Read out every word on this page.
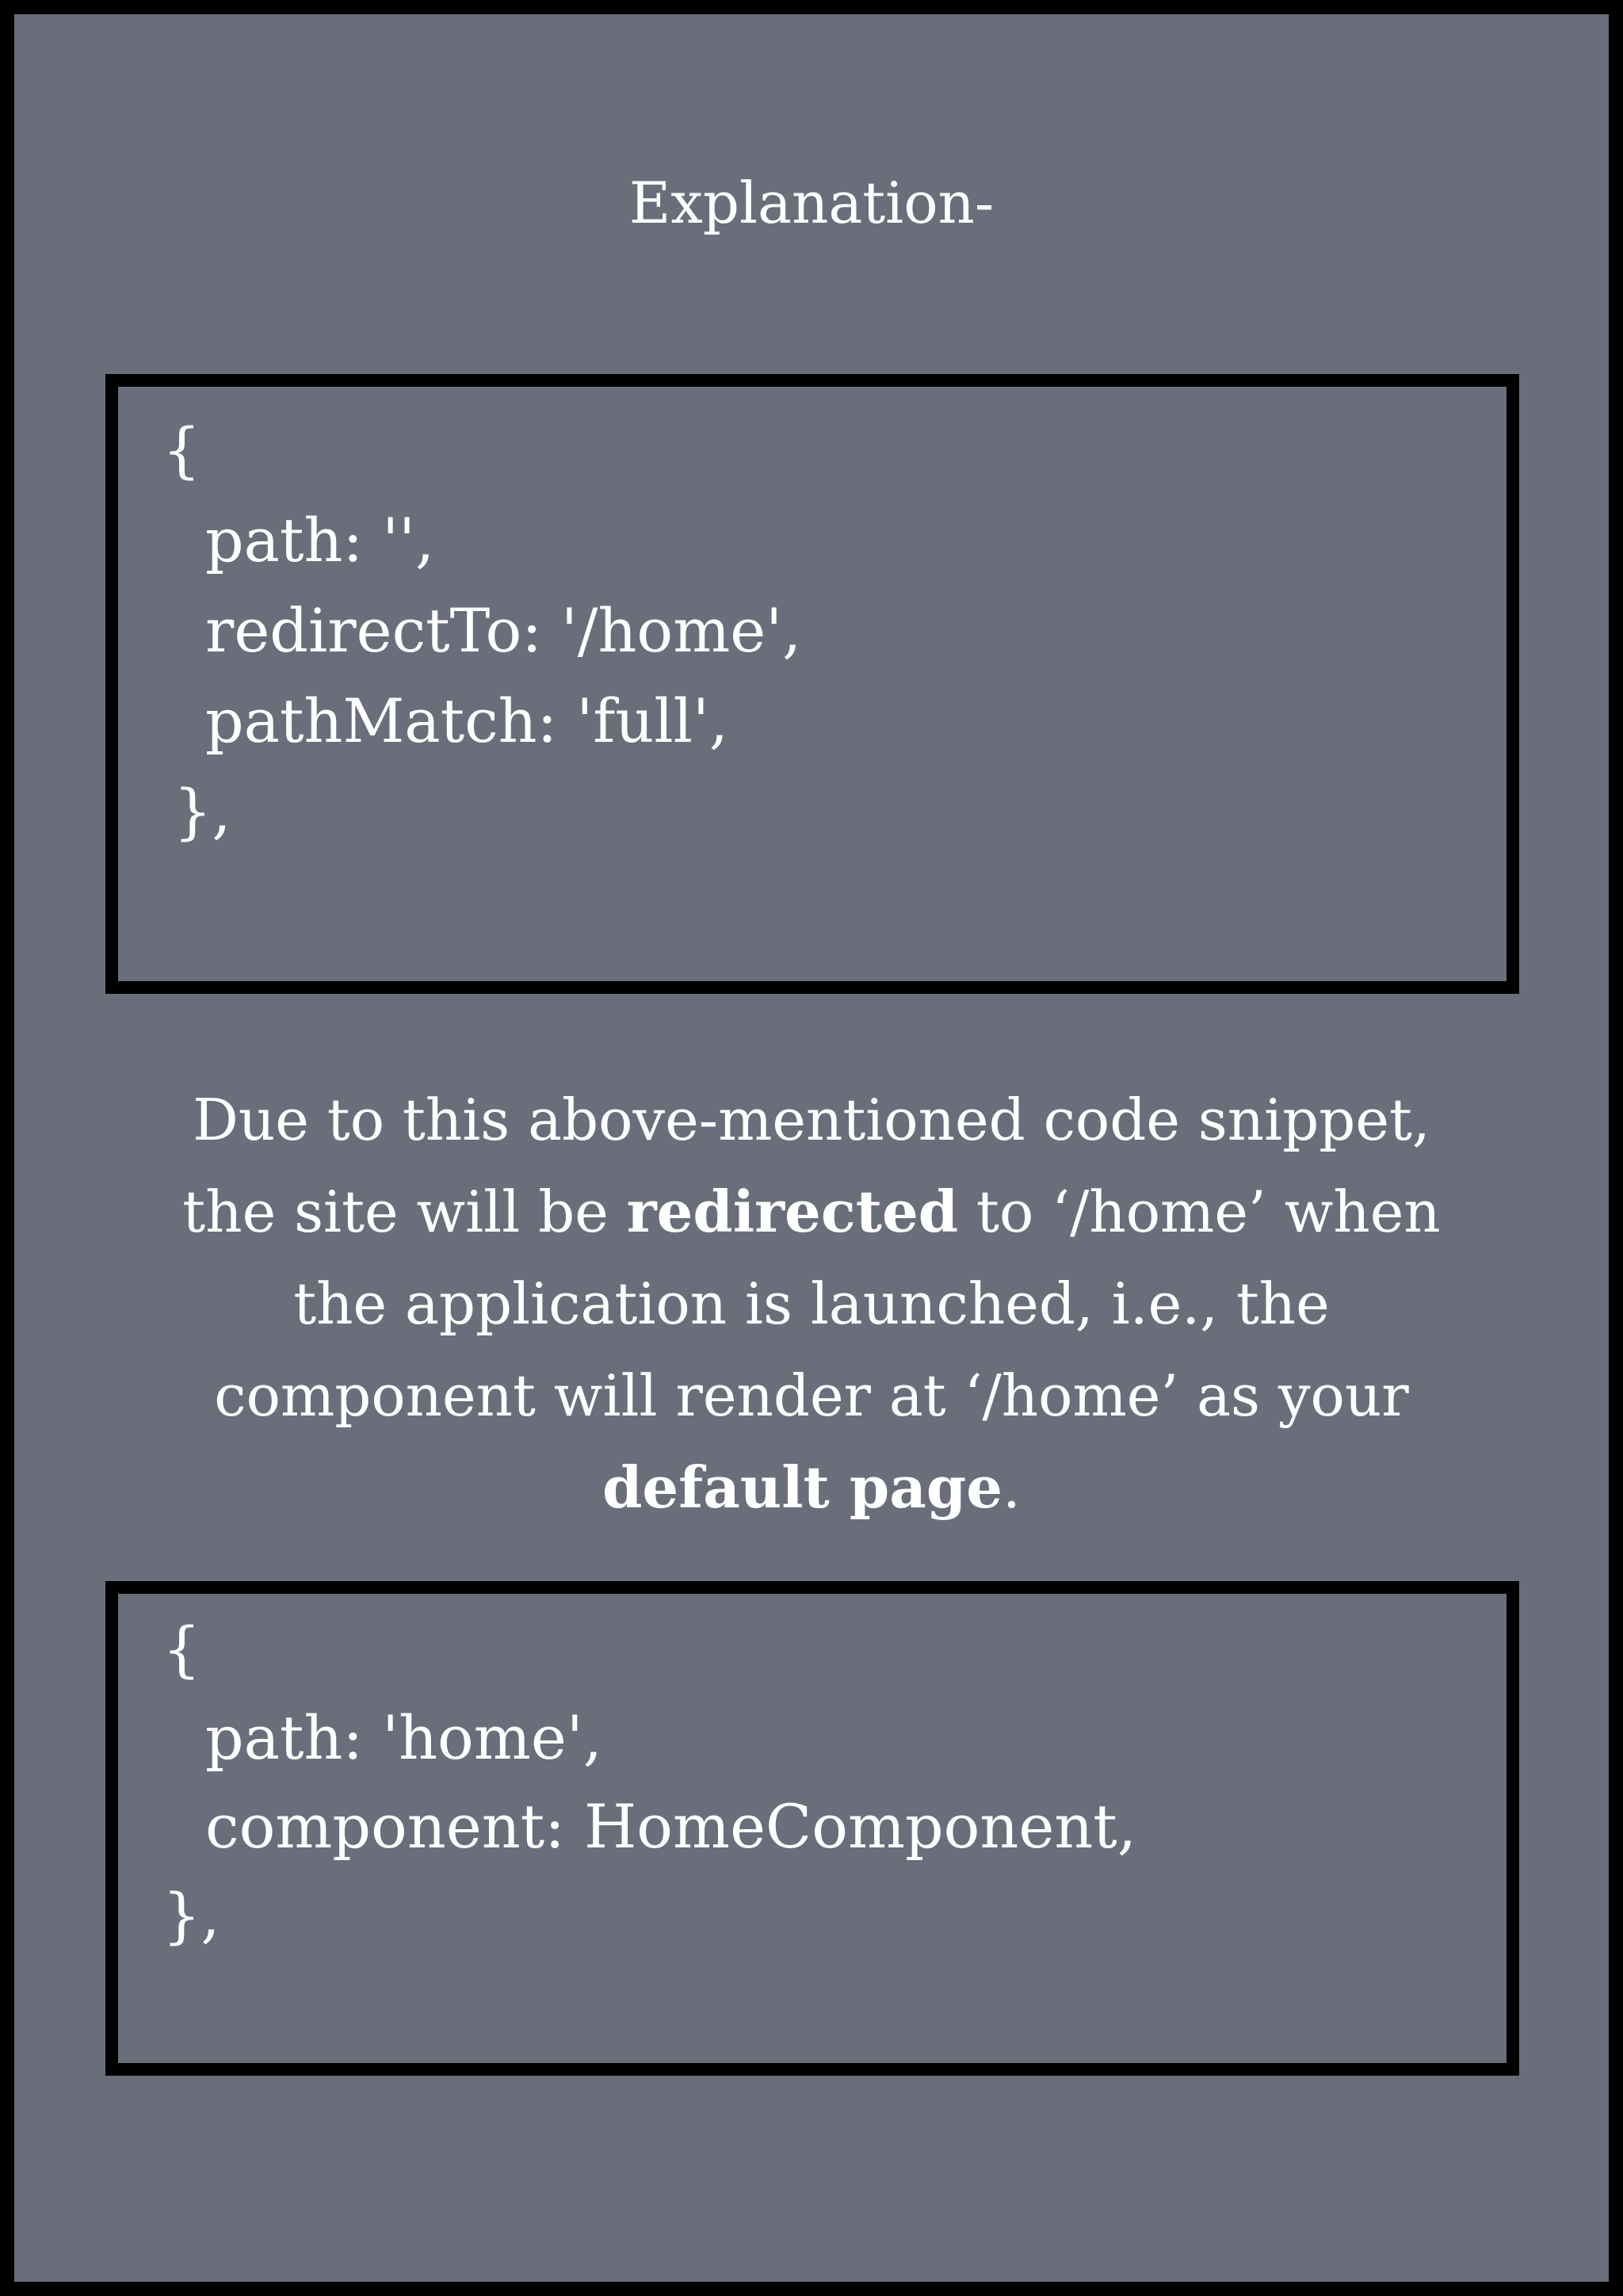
Explanation-
{
path: '',
redirectTo: '/home',
pathMatch: 'full',
},
Due to this above-mentioned code snippet,
the site will be redirected to ‘/home’ when
the application is launched, i.e., the
component will render at ‘/home’ as your
default page.
{
path: 'home',
component: HomeComponent,
},
